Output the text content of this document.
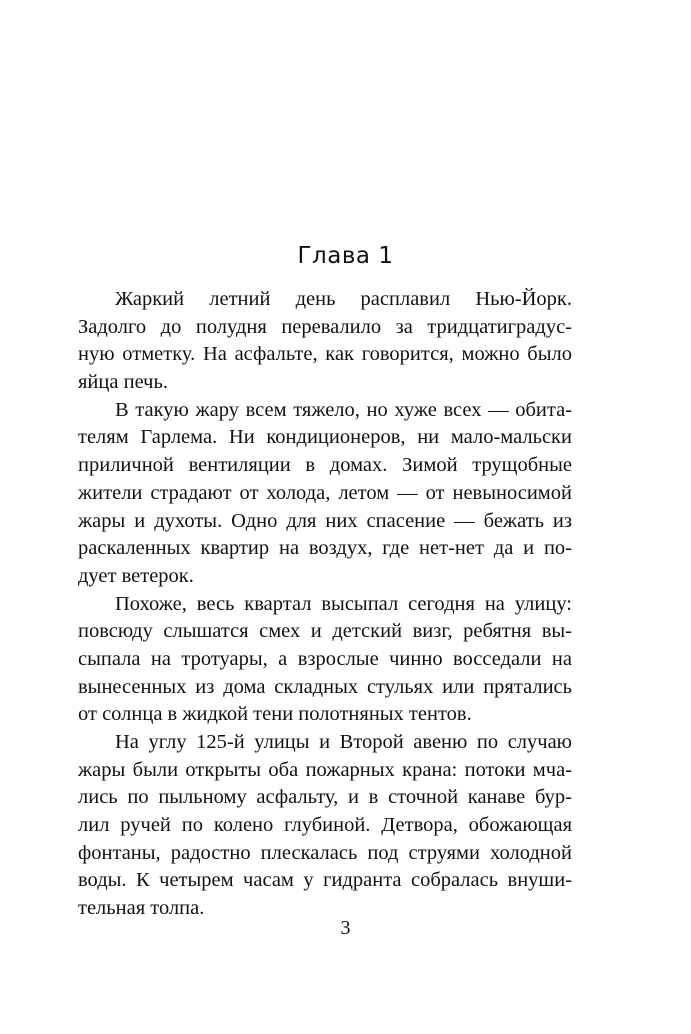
Глава 1
Жаркий летний день расплавил Нью-Йорк.
Задолго до полудня перевалило за тридцатиградус-
ную отметку. На асфальте, как говорится, можно было
яйца печь.
В такую жару всем тяжело, но хуже всех — обита-
телям Гарлема. Ни кондиционеров, ни мало-мальски
приличной вентиляции в домах. Зимой трущобные
жители страдают от холода, летом — от невыносимой
жары и духоты. Одно для них спасение — бежать из
раскаленных квартир на воздух, где нет-нет да и по-
дует ветерок.
Похоже, весь квартал высыпал сегодня на улицу:
повсюду слышатся смех и детский визг, ребятня вы-
сыпала на тротуары, а взрослые чинно восседали на
вынесенных из дома складных стульях или прятались
от солнца в жидкой тени полотняных тентов.
На углу 125-й улицы и Второй авеню по случаю
жары были открыты оба пожарных крана: потоки мча-
лись по пыльному асфальту, и в сточной канаве бур-
лил ручей по колено глубиной. Детвора, обожающая
фонтаны, радостно плескалась под струями холодной
воды. К четырем часам у гидранта собралась внуши-
тельная толпа.
3
